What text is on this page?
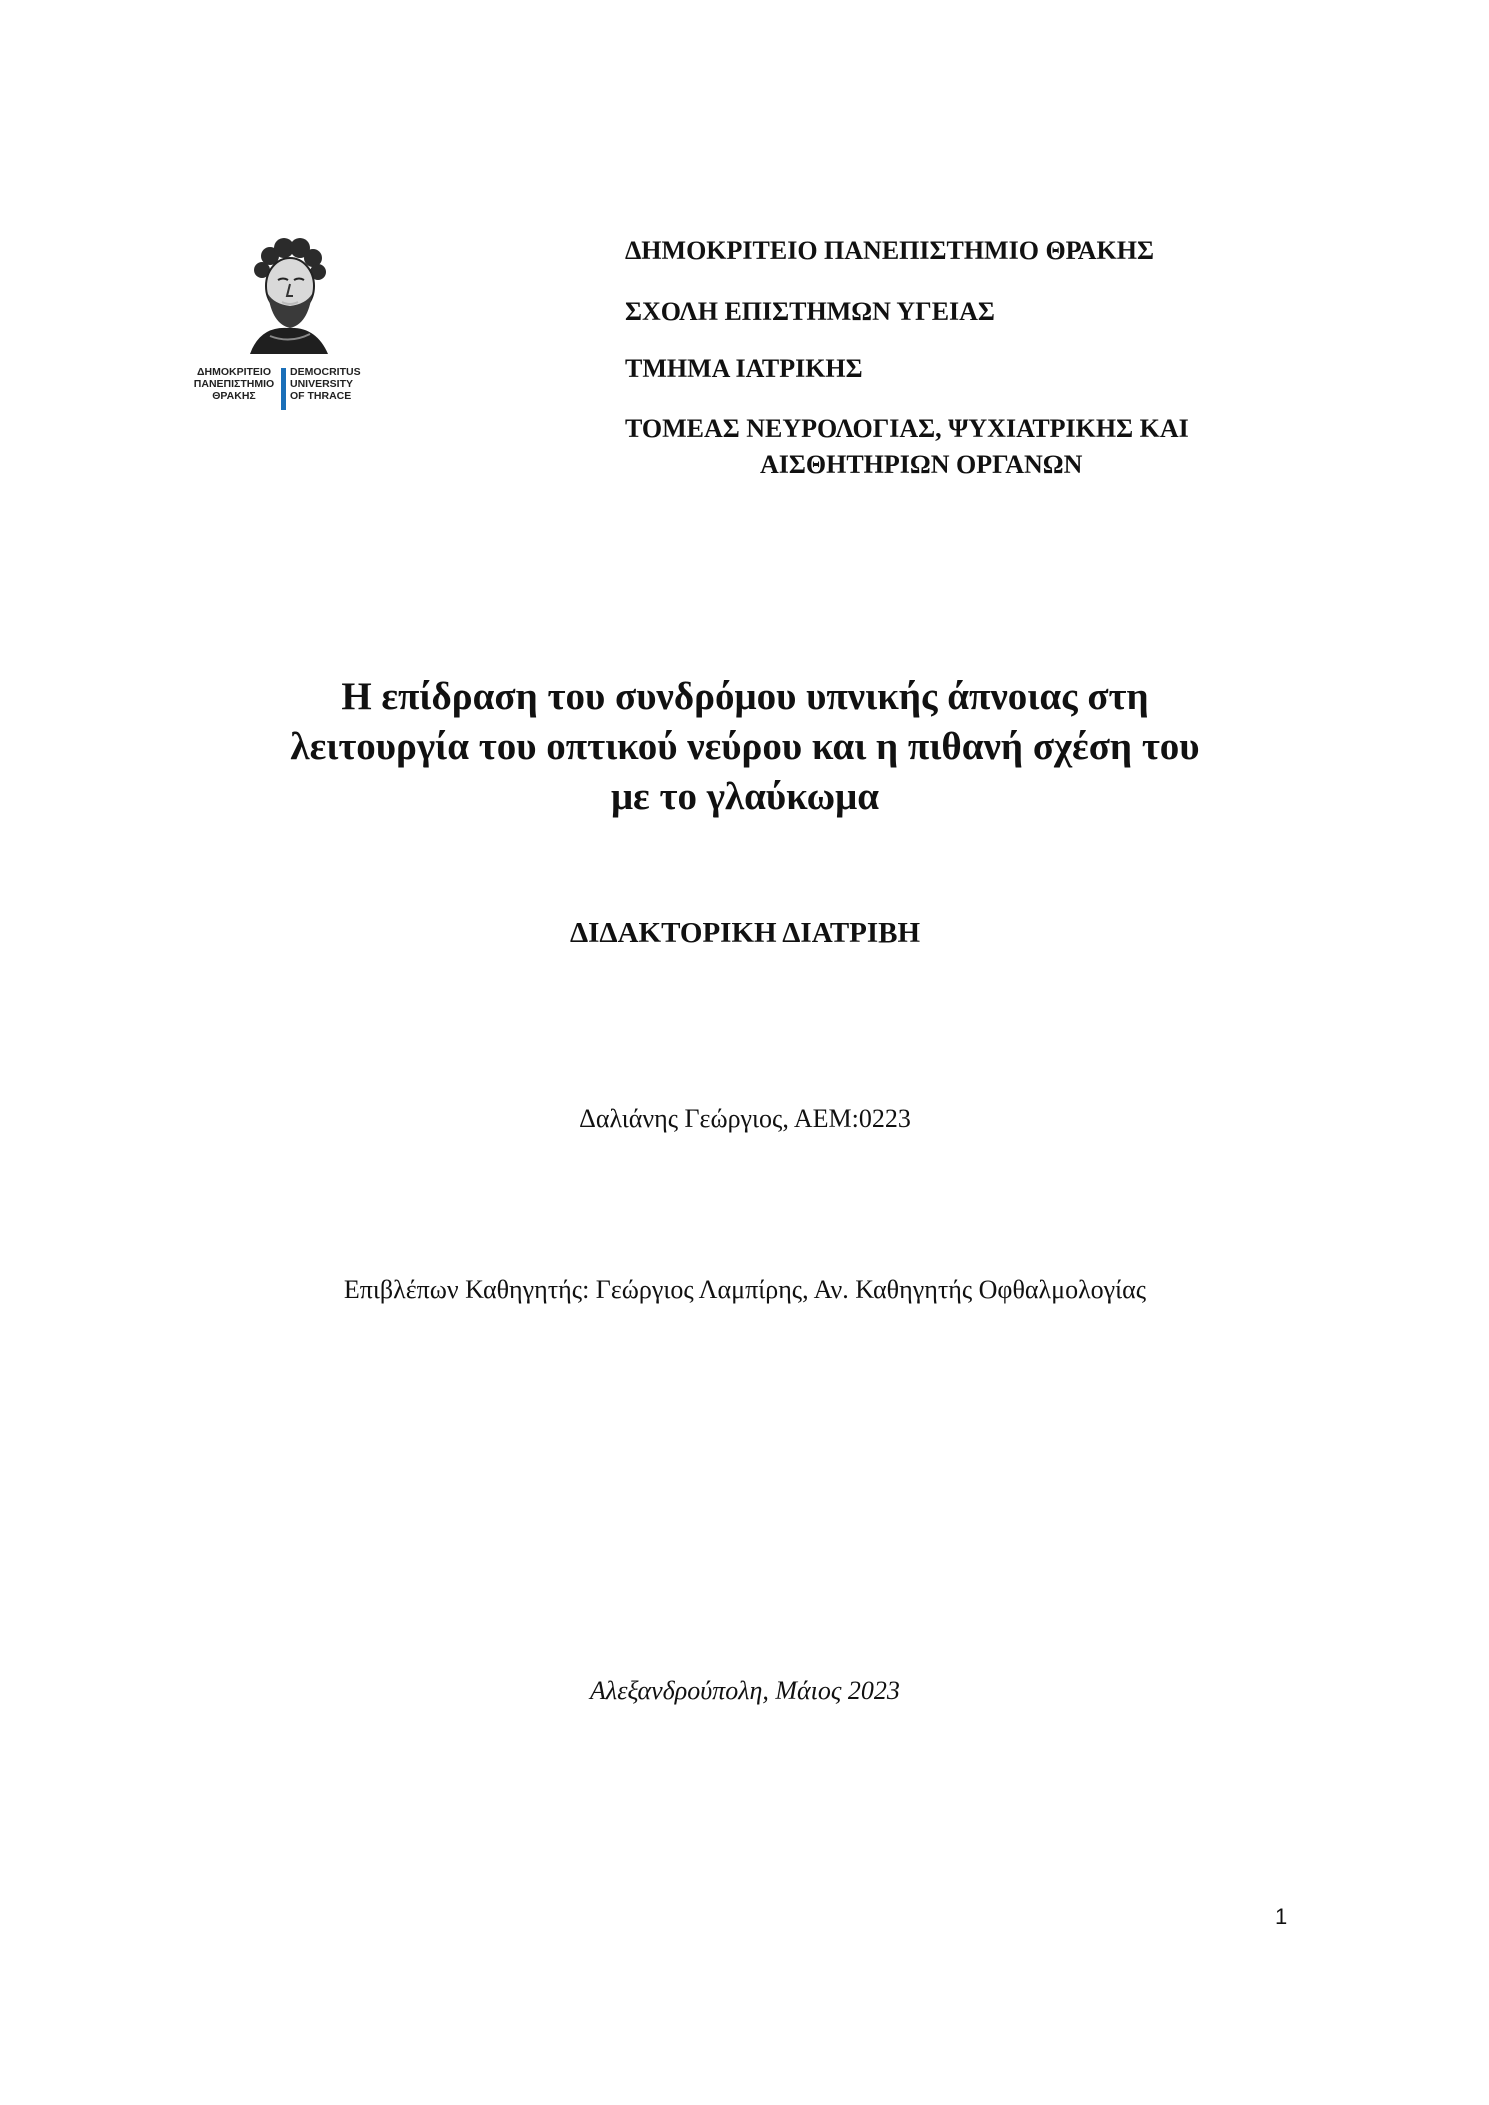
ΔΗΜΟΚΡΙΤΕΙΟ
ΠΑΝΕΠΙΣΤΗΜΙΟ
ΘΡΑΚΗΣ
DEMOCRITUS
UNIVERSITY
OF THRACE
ΔΗΜΟΚΡΙΤΕΙΟ ΠΑΝΕΠΙΣΤΗΜΙΟ ΘΡΑΚΗΣ
ΣΧΟΛΗ ΕΠΙΣΤΗΜΩΝ ΥΓΕΙΑΣ
ΤΜΗΜΑ ΙΑΤΡΙΚΗΣ
ΤΟΜΕΑΣ ΝΕΥΡΟΛΟΓΙΑΣ, ΨΥΧΙΑΤΡΙΚΗΣ ΚΑΙ
ΑΙΣΘΗΤΗΡΙΩΝ ΟΡΓΑΝΩΝ
Η επίδραση του συνδρόμου υπνικής άπνοιας στη
λειτουργία του οπτικού νεύρου και η πιθανή σχέση του
με το γλαύκωμα
ΔΙΔΑΚΤΟΡΙΚΗ ΔΙΑΤΡΙΒΗ
Δαλιάνης Γεώργιος, ΑΕΜ:0223
Επιβλέπων Καθηγητής: Γεώργιος Λαμπίρης, Αν. Καθηγητής Οφθαλμολογίας
Αλεξανδρούπολη, Μάιος 2023
1
